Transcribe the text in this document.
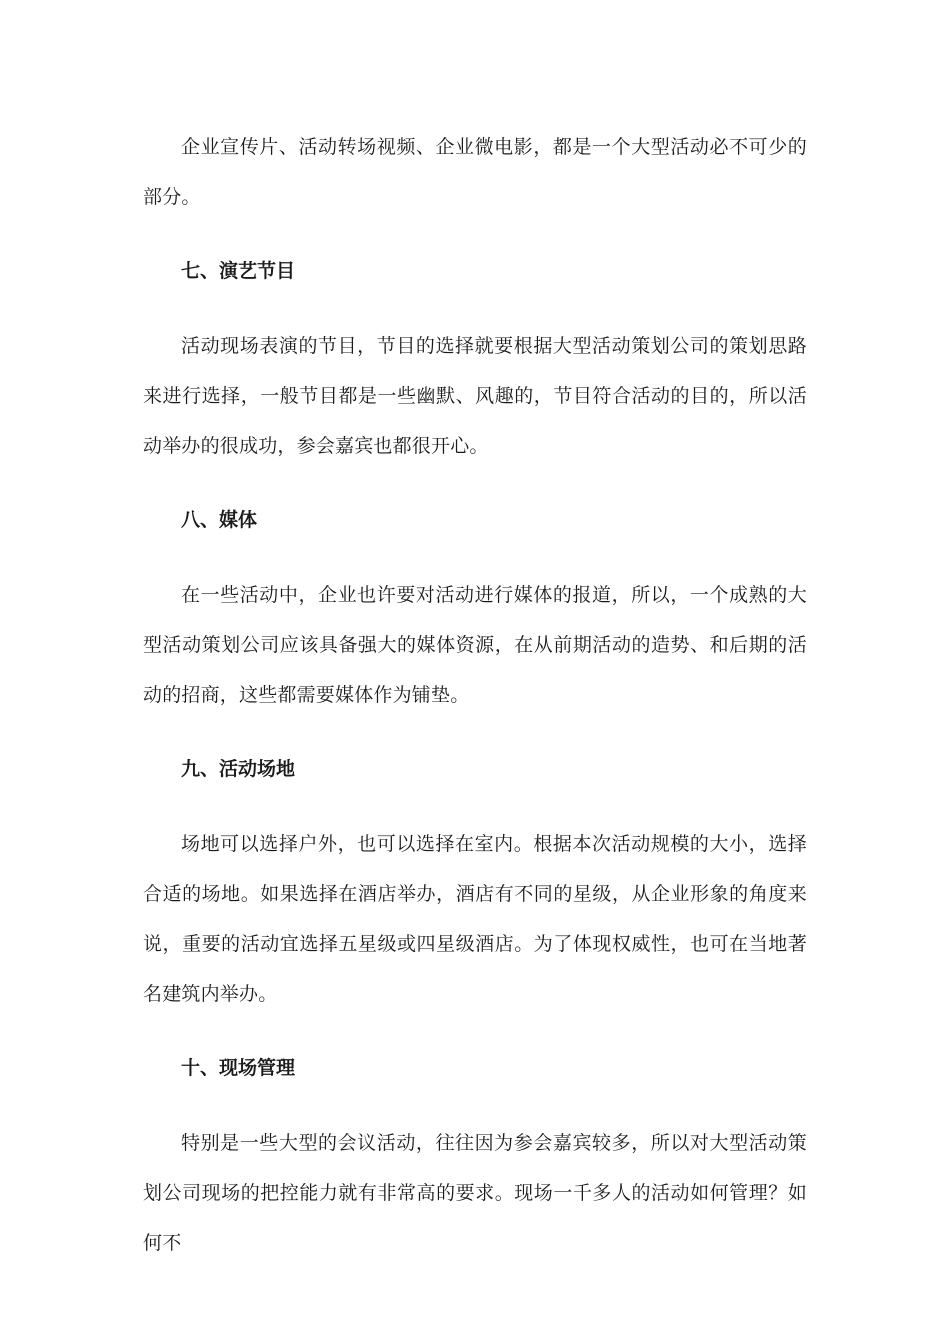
企业宣传片、活动转场视频、企业微电影，都是一个大型活动必不可少的部分。

七、演艺节目

活动现场表演的节目，节目的选择就要根据大型活动策划公司的策划思路来进行选择，一般节目都是一些幽默、风趣的，节目符合活动的目的，所以活动举办的很成功，参会嘉宾也都很开心。

八、媒体

在一些活动中，企业也许要对活动进行媒体的报道，所以，一个成熟的大型活动策划公司应该具备强大的媒体资源，在从前期活动的造势、和后期的活动的招商，这些都需要媒体作为铺垫。

九、活动场地

场地可以选择户外，也可以选择在室内。根据本次活动规模的大小，选择合适的场地。如果选择在酒店举办，酒店有不同的星级，从企业形象的角度来说，重要的活动宜选择五星级或四星级酒店。为了体现权威性，也可在当地著名建筑内举办。

十、现场管理

特别是一些大型的会议活动，往往因为参会嘉宾较多，所以对大型活动策划公司现场的把控能力就有非常高的要求。现场一千多人的活动如何管理？如何不
